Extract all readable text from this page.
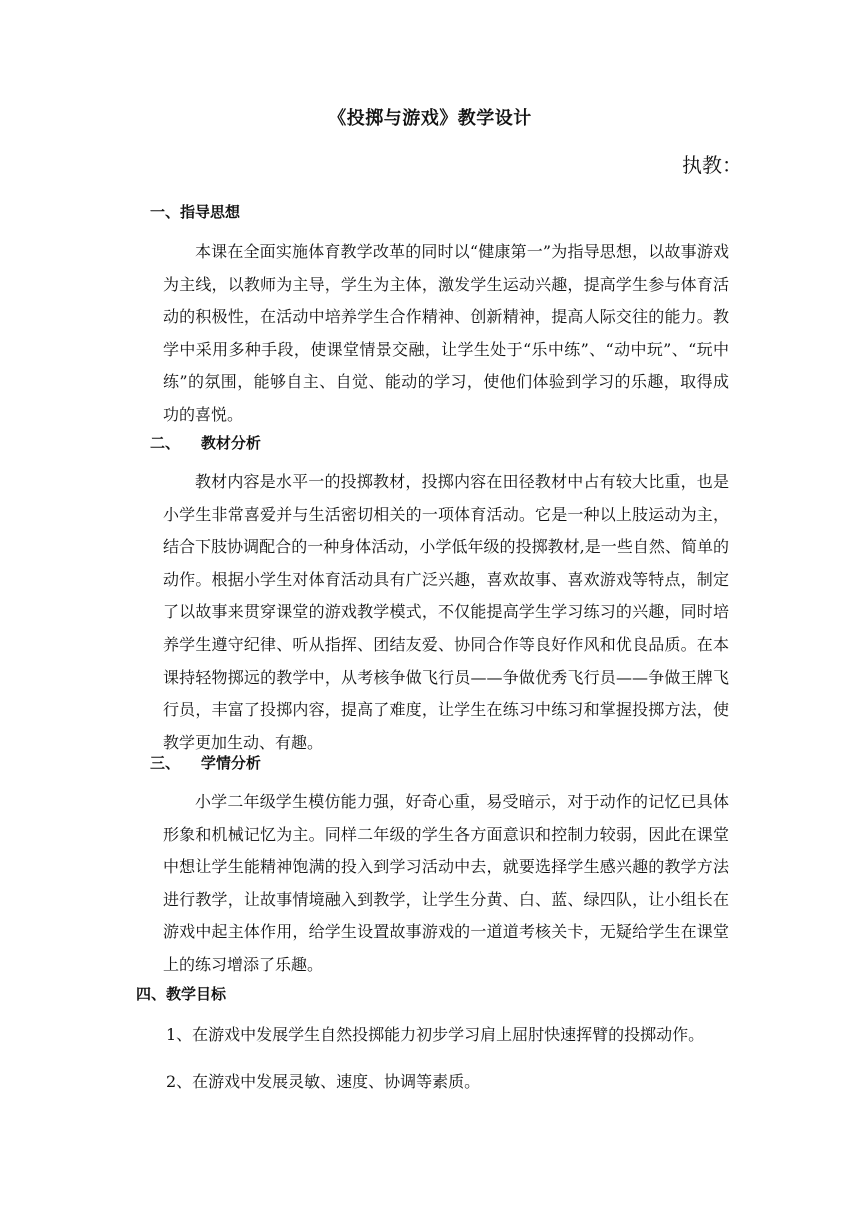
《投掷与游戏》教学设计
执教：
一、指导思想
本课在全面实施体育教学改革的同时以“健康第一”为指导思想，以故事游戏为主线，以教师为主导，学生为主体，激发学生运动兴趣，提高学生参与体育活动的积极性，在活动中培养学生合作精神、创新精神，提高人际交往的能力。教学中采用多种手段，使课堂情景交融，让学生处于“乐中练”、“动中玩”、“玩中练”的氛围，能够自主、自觉、能动的学习，使他们体验到学习的乐趣，取得成功的喜悦。
二、    教材分析
教材内容是水平一的投掷教材，投掷内容在田径教材中占有较大比重，也是小学生非常喜爱并与生活密切相关的一项体育活动。它是一种以上肢运动为主，结合下肢协调配合的一种身体活动，小学低年级的投掷教材,是一些自然、简单的动作。根据小学生对体育活动具有广泛兴趣，喜欢故事、喜欢游戏等特点，制定了以故事来贯穿课堂的游戏教学模式，不仅能提高学生学习练习的兴趣，同时培养学生遵守纪律、听从指挥、团结友爱、协同合作等良好作风和优良品质。在本课持轻物掷远的教学中，从考核争做飞行员——争做优秀飞行员——争做王牌飞行员，丰富了投掷内容，提高了难度，让学生在练习中练习和掌握投掷方法，使教学更加生动、有趣。
三、    学情分析
小学二年级学生模仿能力强，好奇心重，易受暗示，对于动作的记忆已具体形象和机械记忆为主。同样二年级的学生各方面意识和控制力较弱，因此在课堂中想让学生能精神饱满的投入到学习活动中去，就要选择学生感兴趣的教学方法进行教学，让故事情境融入到教学，让学生分黄、白、蓝、绿四队，让小组长在游戏中起主体作用，给学生设置故事游戏的一道道考核关卡，无疑给学生在课堂上的练习增添了乐趣。
四、教学目标
1、在游戏中发展学生自然投掷能力初步学习肩上屈肘快速挥臂的投掷动作。
2、在游戏中发展灵敏、速度、协调等素质。
